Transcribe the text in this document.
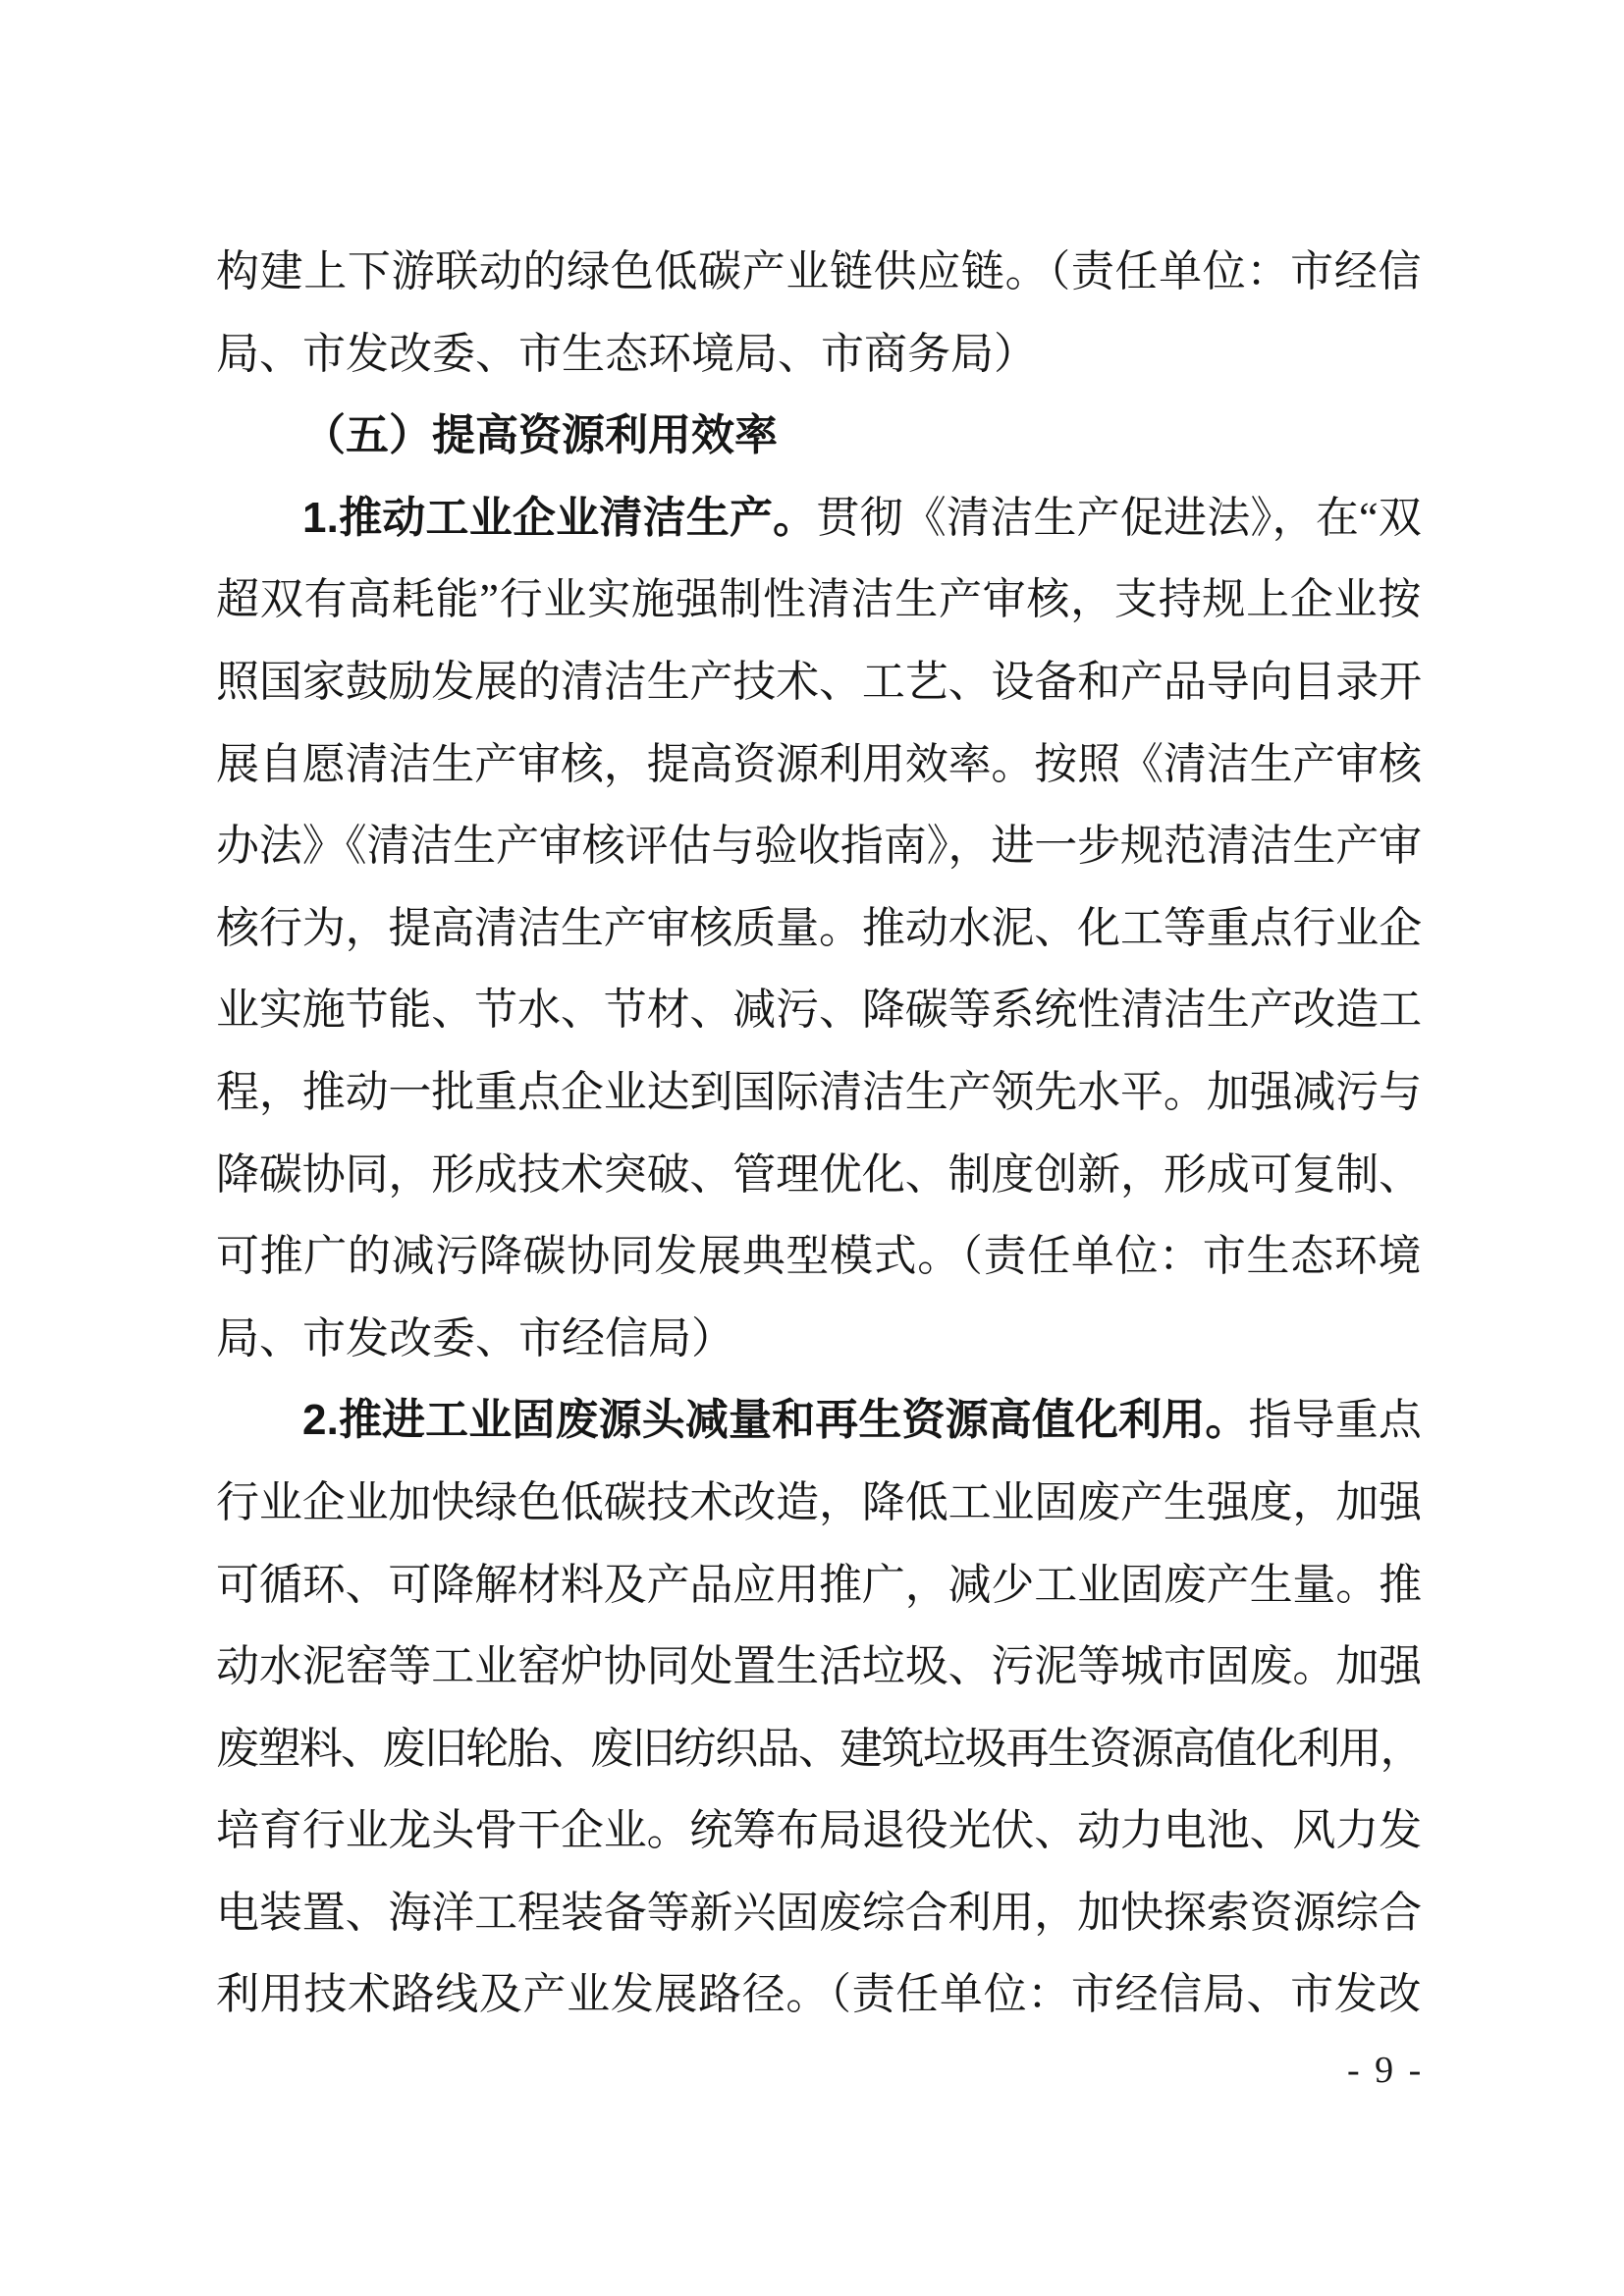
构建上下游联动的绿色低碳产业链供应链。（责任单位：市经信
局、市发改委、市生态环境局、市商务局）
（五）提高资源利用效率
1.推动工业企业清洁生产。贯彻《清洁生产促进法》，在“双
超双有高耗能”行业实施强制性清洁生产审核，支持规上企业按
照国家鼓励发展的清洁生产技术、工艺、设备和产品导向目录开
展自愿清洁生产审核，提高资源利用效率。按照《清洁生产审核
办法》《清洁生产审核评估与验收指南》，进一步规范清洁生产审
核行为，提高清洁生产审核质量。推动水泥、化工等重点行业企
业实施节能、节水、节材、减污、降碳等系统性清洁生产改造工
程，推动一批重点企业达到国际清洁生产领先水平。加强减污与
降碳协同，形成技术突破、管理优化、制度创新，形成可复制、
可推广的减污降碳协同发展典型模式。（责任单位：市生态环境
局、市发改委、市经信局）
2.推进工业固废源头减量和再生资源高值化利用。指导重点
行业企业加快绿色低碳技术改造，降低工业固废产生强度，加强
可循环、可降解材料及产品应用推广，减少工业固废产生量。推
动水泥窑等工业窑炉协同处置生活垃圾、污泥等城市固废。加强
废塑料、废旧轮胎、废旧纺织品、建筑垃圾再生资源高值化利用，
培育行业龙头骨干企业。统筹布局退役光伏、动力电池、风力发
电装置、海洋工程装备等新兴固废综合利用，加快探索资源综合
利用技术路线及产业发展路径。（责任单位：市经信局、市发改
- 9 -
